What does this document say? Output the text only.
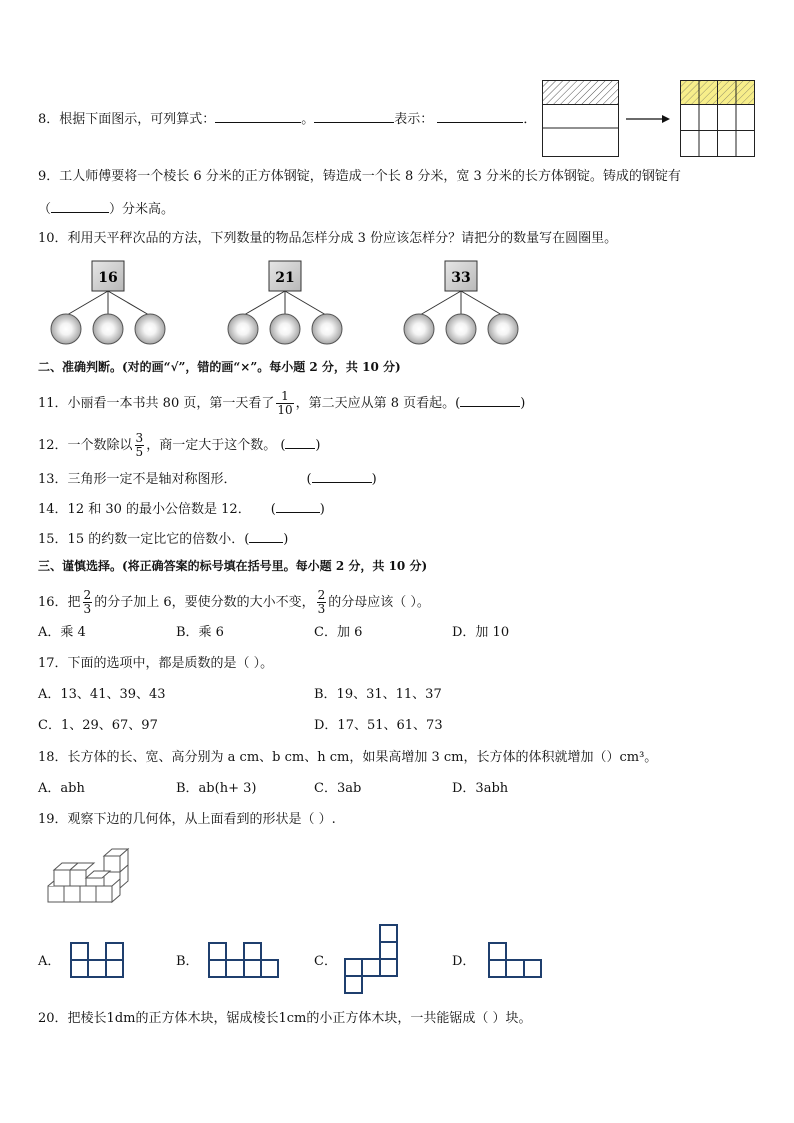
8．根据下面图示，可列算式：	。	表示：	．
9．工人师傅要将一个棱长 6 分米的正方体钢锭，铸造成一个长 8 分米，宽 3 分米的长方体钢锭。铸成的钢锭有
（	）分米高。
10．利用天平秤次品的方法，下列数量的物品怎样分成 3 份应该怎样分？请把分的数量写在圆圈里。
16	21	33
二、准确判断。(对的画“√”，错的画“×”。每小题 2 分，共 10 分)
11．小丽看一本书共 80 页，第一天看了 $\frac{1}{10}$ ，第二天应从第 8 页看起。(	)
12．一个数除以 $\frac{3}{5}$ ，商一定大于这个数。 ( )
13．三角形一定不是轴对称图形．	(	)
14．12 和 30 的最小公倍数是 12． (	)
15．15 的约数一定比它的倍数小．(	)
三、谨慎选择。(将正确答案的标号填在括号里。每小题 2 分，共 10 分)
16．把 $\frac{2}{3}$ 的分子加上 6，要使分数的大小不变， $\frac{2}{3}$ 的分母应该（ ）。
A．乘 4	B．乘 6	C．加 6	D．加 10
17．下面的选项中，都是质数的是（ ）。
A．13、41、39、43	B．19、31、11、37
C．1、29、67、97	D．17、51、61、73
18．长方体的长、宽、高分别为 a cm、b cm、h cm，如果高增加 3 cm，长方体的体积就增加（）cm³。
A．abh	B．ab(h+ 3)	C．3ab	D．3abh
19．观察下边的几何体，从上面看到的形状是（ ）.
A．	B．	C．	D．
20．把棱长1dm的正方体木块，锯成棱长1cm的小正方体木块，一共能锯成（ ）块。
